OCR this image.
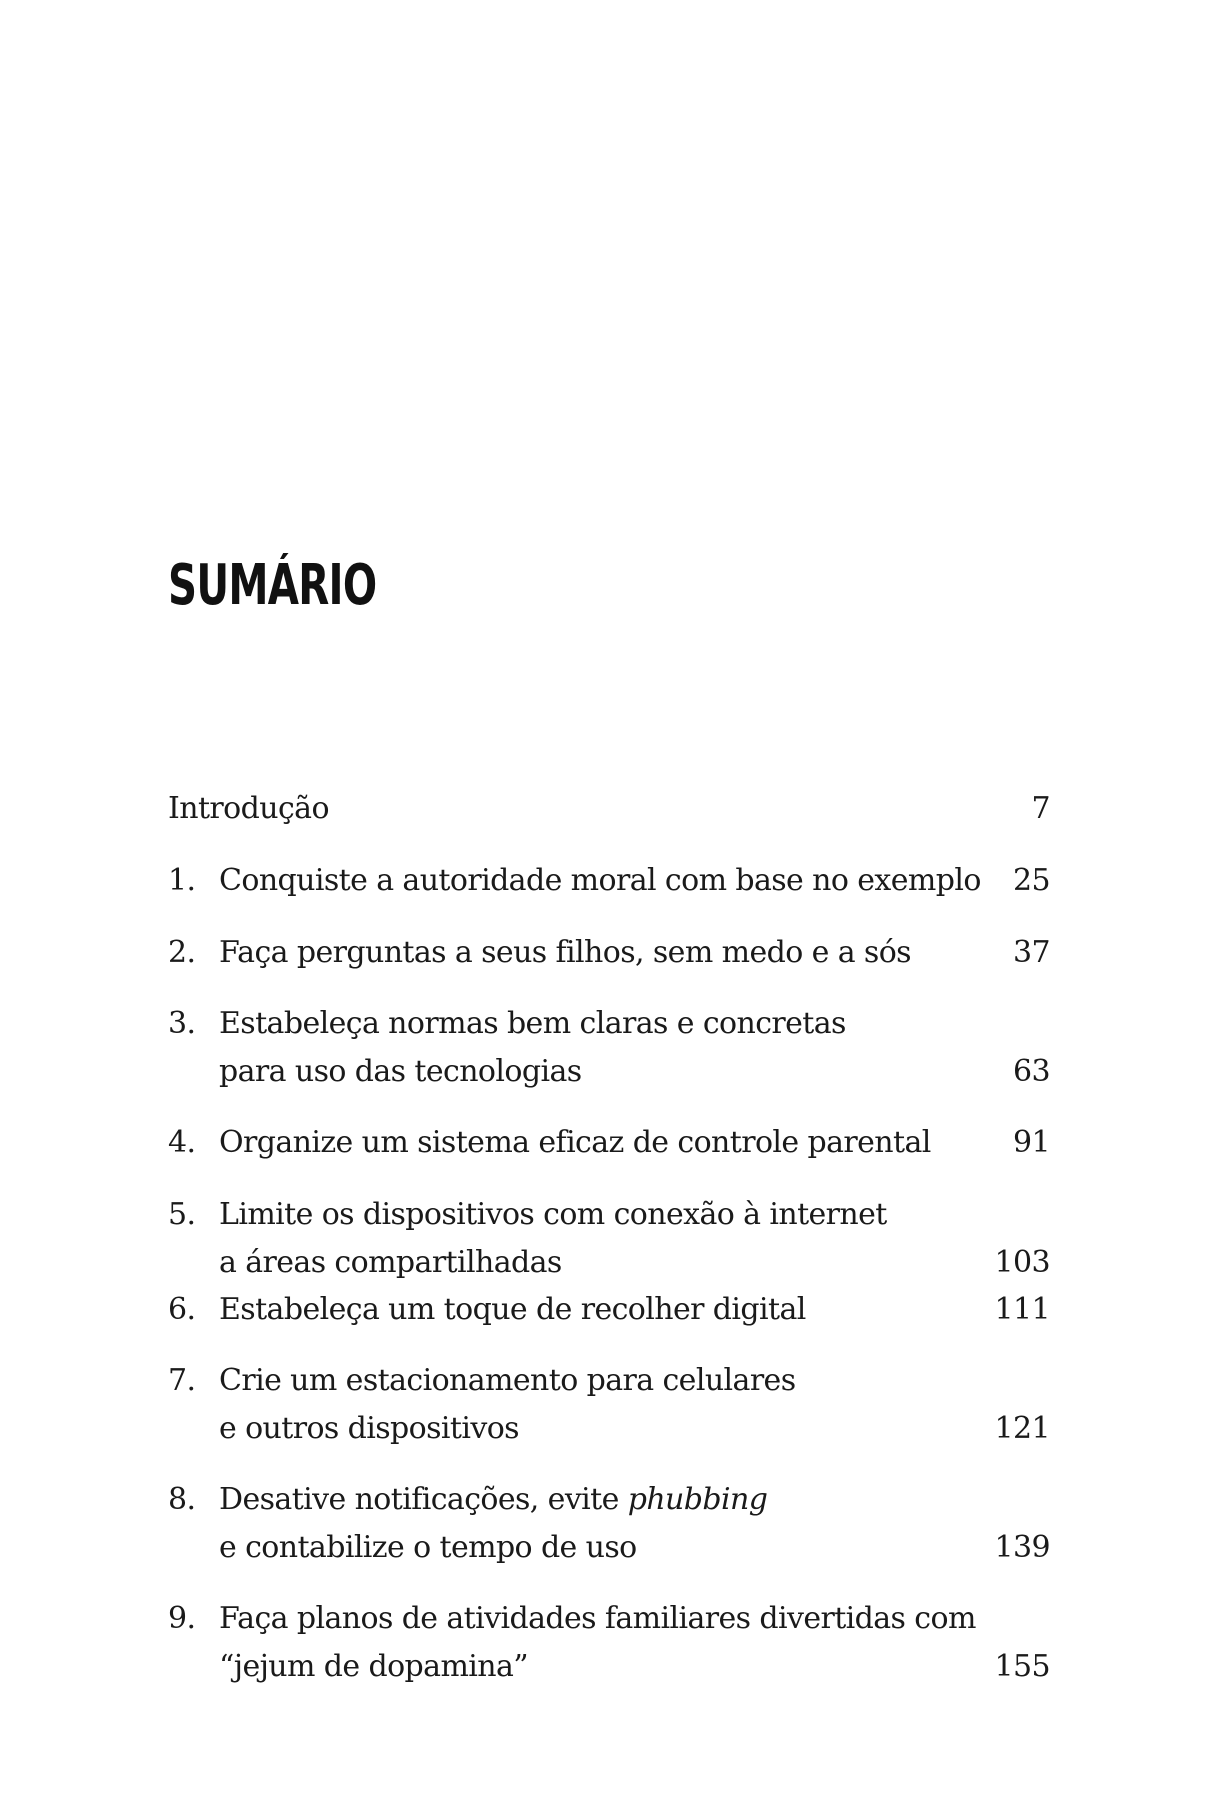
SUMÁRIO
Introdução	7
1. Conquiste a autoridade moral com base no exemplo 25
2. Faça perguntas a seus filhos, sem medo e a sós	37
3. Estabeleça normas bem claras e concretas
para uso das tecnologias	63
4. Organize um sistema eficaz de controle parental	91
5. Limite os dispositivos com conexão à internet
a áreas compartilhadas	103
6. Estabeleça um toque de recolher digital	111
7. Crie um estacionamento para celulares
e outros dispositivos	121
8. Desative notificações, evite phubbing
e contabilize o tempo de uso	139
9. Faça planos de atividades familiares divertidas com
“jejum de dopamina”	155
